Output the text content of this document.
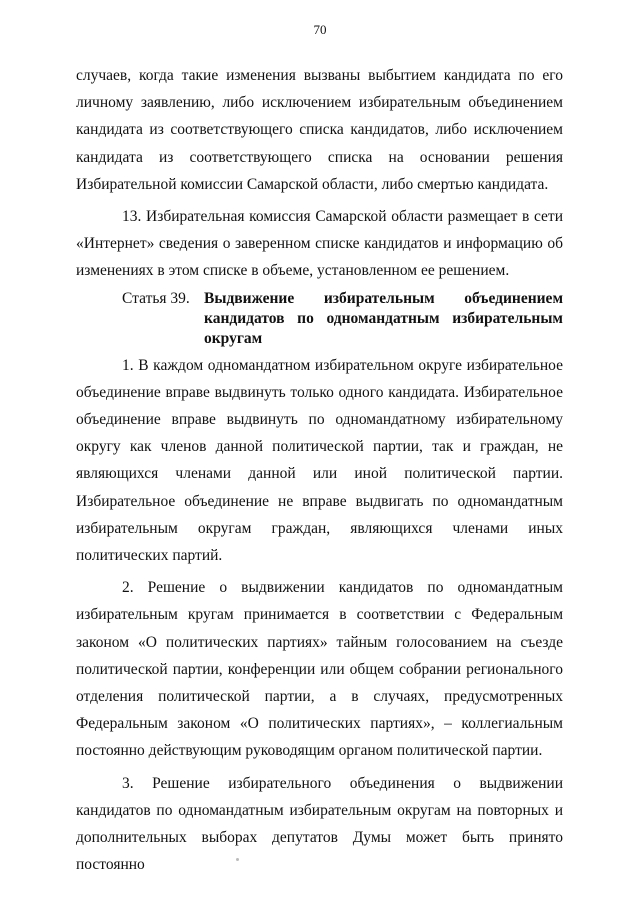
70

случаев, когда такие изменения вызваны выбытием кандидата по его личному заявлению, либо исключением избирательным объединением кандидата из соответствующего списка кандидатов, либо исключением кандидата из соответствующего списка на основании решения Избирательной комиссии Самарской области, либо смертью кандидата.

13. Избирательная комиссия Самарской области размещает в сети «Интернет» сведения о заверенном списке кандидатов и информацию об изменениях в этом списке в объеме, установленном ее решением.

Статья 39. Выдвижение избирательным объединением кандидатов по одномандатным избирательным округам

1. В каждом одномандатном избирательном округе избирательное объединение вправе выдвинуть только одного кандидата. Избирательное объединение вправе выдвинуть по одномандатному избирательному округу как членов данной политической партии, так и граждан, не являющихся членами данной или иной политической партии. Избирательное объединение не вправе выдвигать по одномандатным избирательным округам граждан, являющихся членами иных политических партий.

2. Решение о выдвижении кандидатов по одномандатным избирательным кругам принимается в соответствии с Федеральным законом «О политических партиях» тайным голосованием на съезде политической партии, конференции или общем собрании регионального отделения политической партии, а в случаях, предусмотренных Федеральным законом «О политических партиях», – коллегиальным постоянно действующим руководящим органом политической партии.

3. Решение избирательного объединения о выдвижении кандидатов по одномандатным избирательным округам на повторных и дополнительных выборах депутатов Думы может быть принято постоянно
